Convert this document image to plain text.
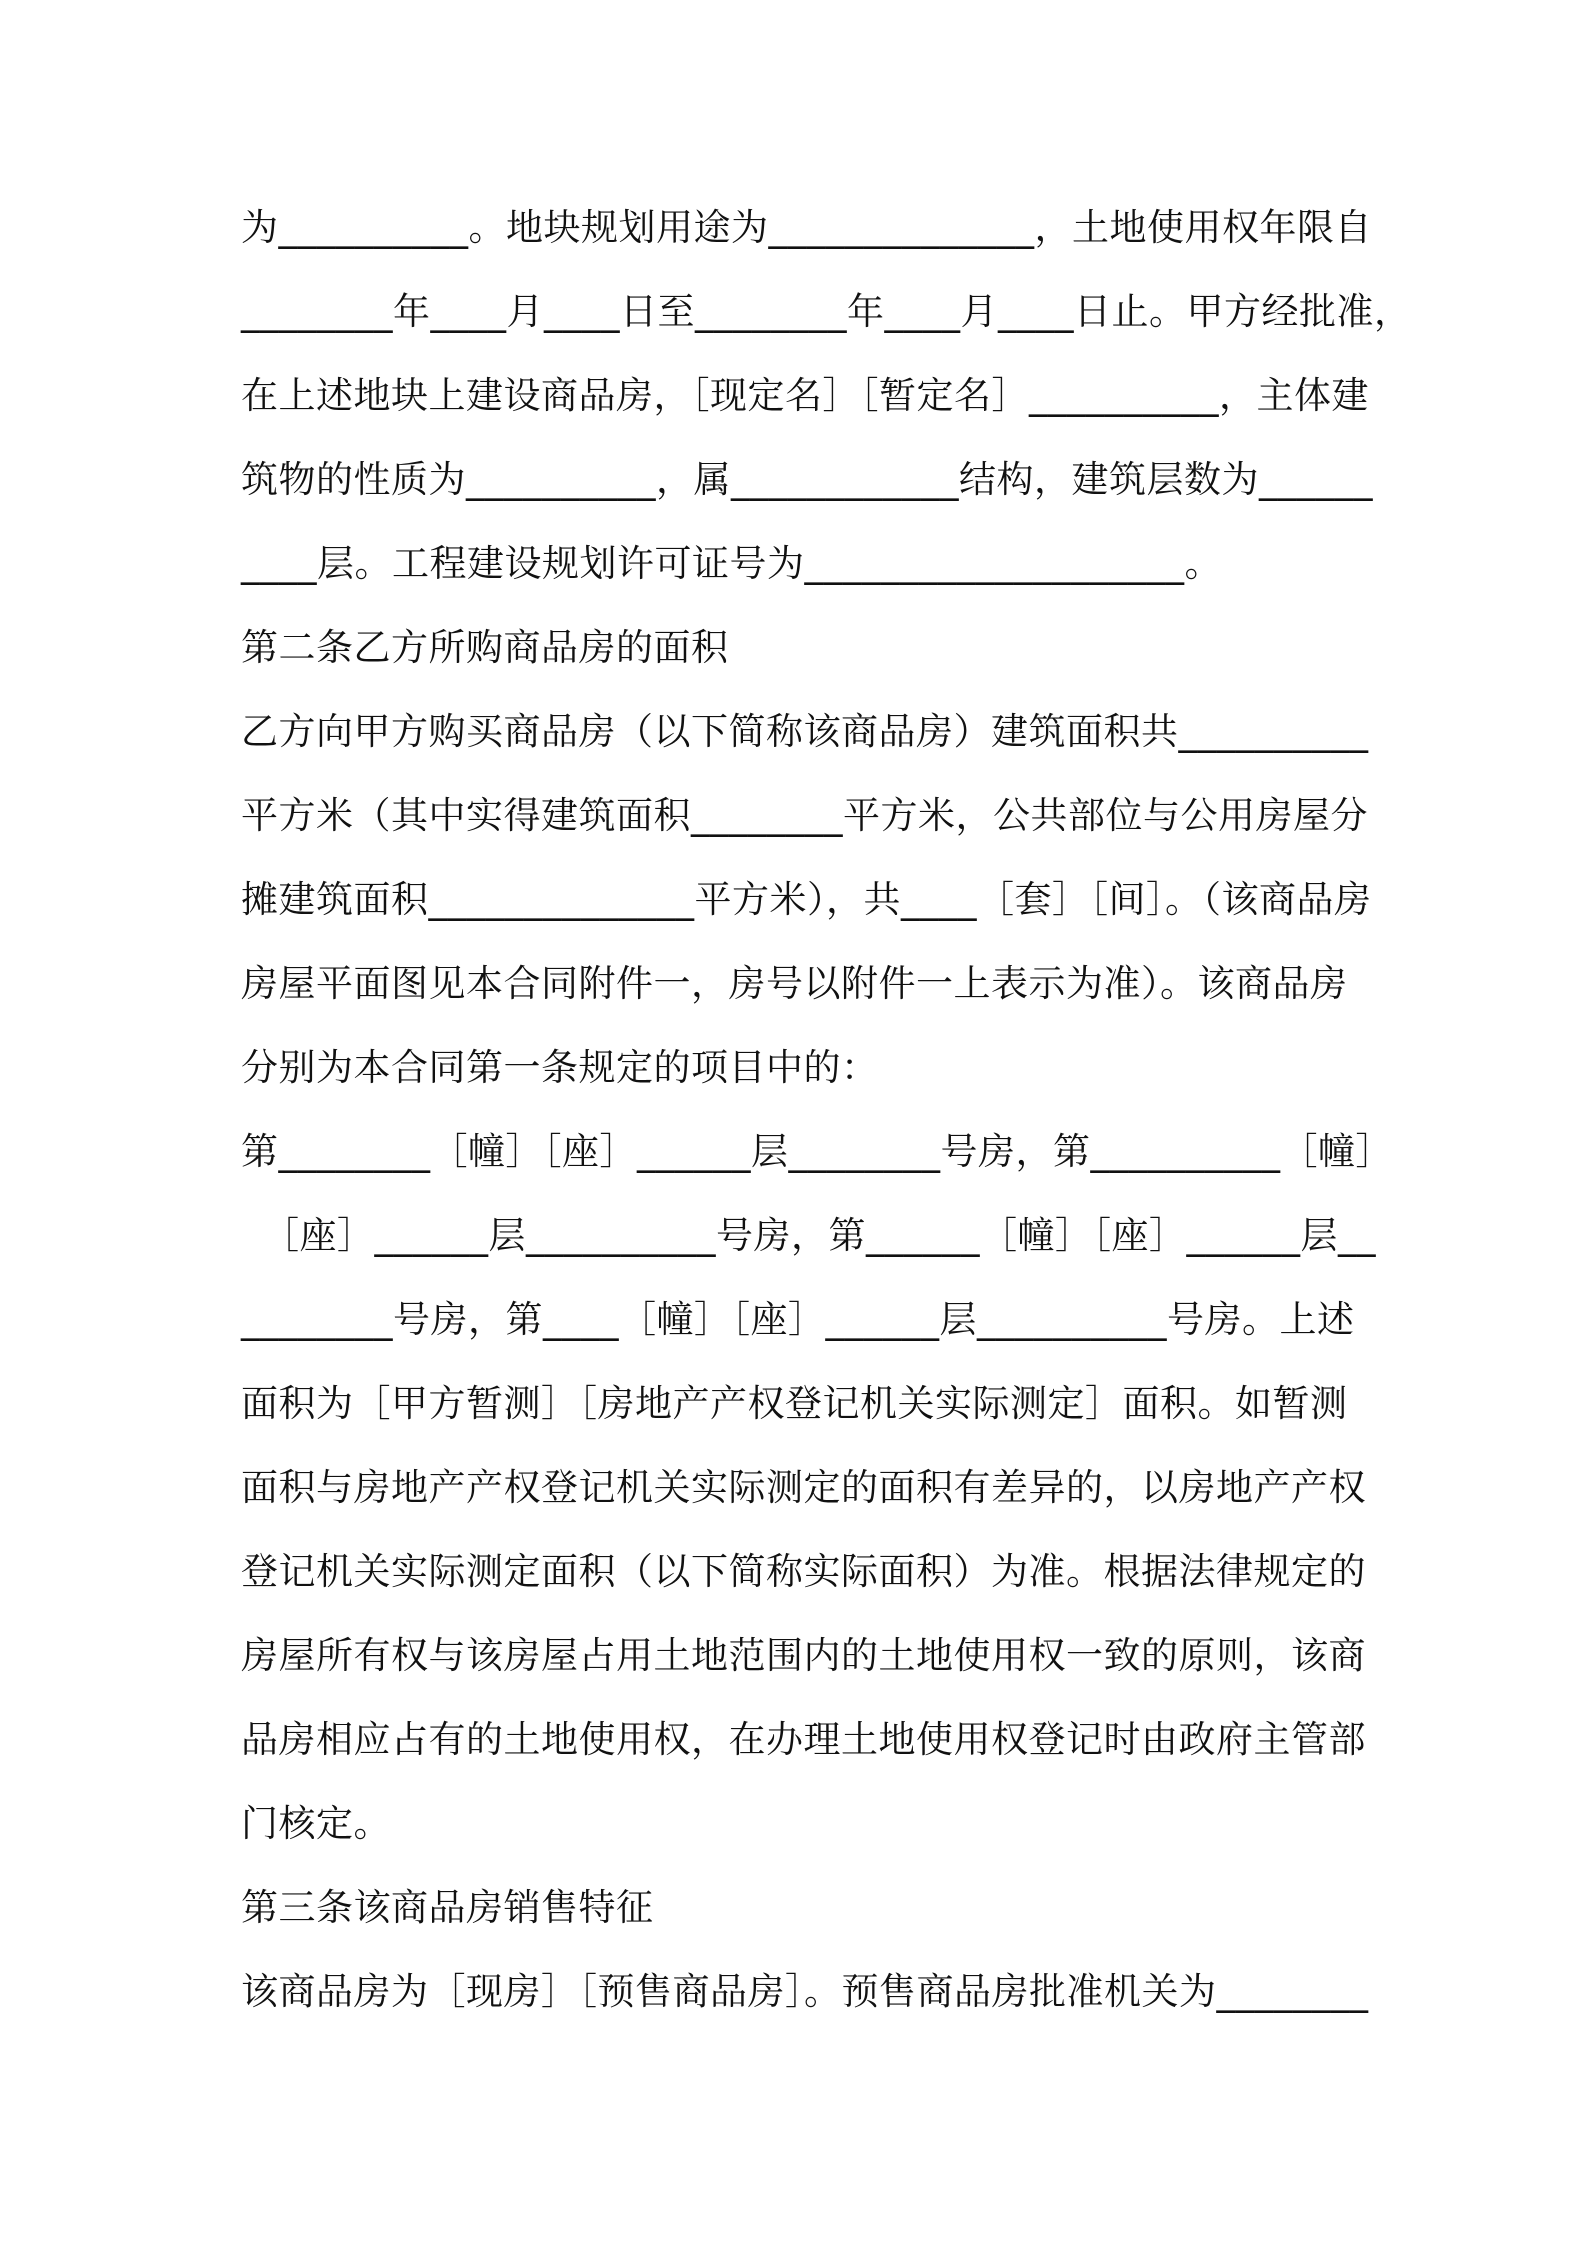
为__________。地块规划用途为______________，土地使用权年限自
________年____月____日至________年____月____日止。甲方经批准，
在上述地块上建设商品房，［现定名］［暂定名］__________，主体建
筑物的性质为__________，属____________结构，建筑层数为______
____层。工程建设规划许可证号为____________________。
第二条乙方所购商品房的面积
乙方向甲方购买商品房（以下简称该商品房）建筑面积共__________
平方米（其中实得建筑面积________平方米，公共部位与公用房屋分
摊建筑面积______________平方米），共____［套］［间］。（该商品房
房屋平面图见本合同附件一，房号以附件一上表示为准）。该商品房
分别为本合同第一条规定的项目中的：
第________［幢］［座］______层________号房，第__________［幢］
［座］______层__________号房，第______［幢］［座］______层__
________号房，第____［幢］［座］______层__________号房。上述
面积为［甲方暂测］［房地产产权登记机关实际测定］面积。如暂测
面积与房地产产权登记机关实际测定的面积有差异的，以房地产产权
登记机关实际测定面积（以下简称实际面积）为准。根据法律规定的
房屋所有权与该房屋占用土地范围内的土地使用权一致的原则，该商
品房相应占有的土地使用权，在办理土地使用权登记时由政府主管部
门核定。
第三条该商品房销售特征
该商品房为［现房］［预售商品房］。预售商品房批准机关为________
